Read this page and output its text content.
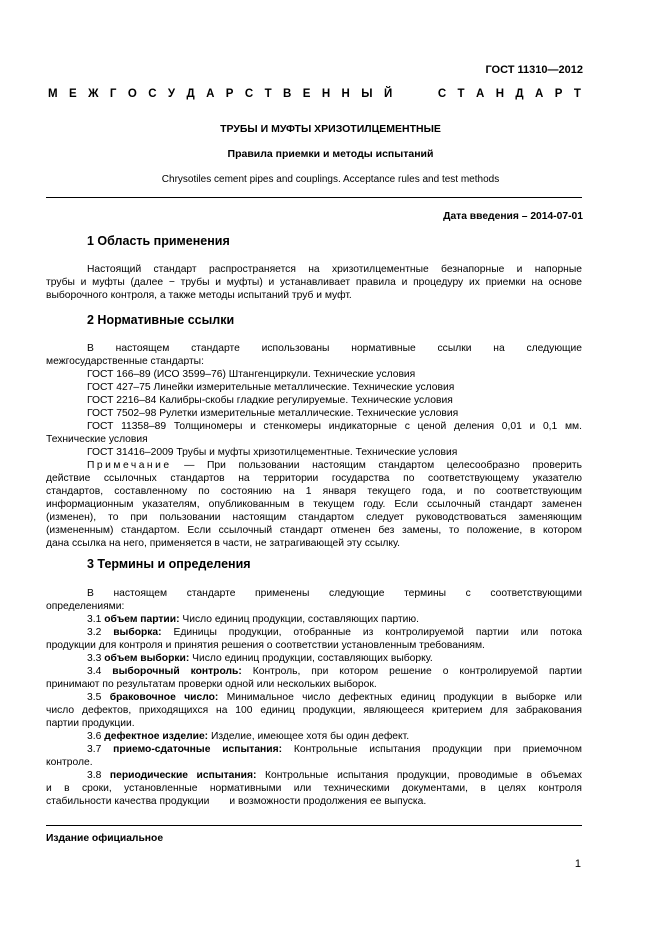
ГОСТ 11310—2012
М Е Ж Г О С У Д А Р С Т В Е Н Н Ы Й	С Т А Н Д А Р Т
ТРУБЫ И МУФТЫ ХРИЗОТИЛЦЕМЕНТНЫЕ
Правила приемки и методы испытаний
Chrysotiles cement pipes and couplings. Acceptance rules and test methods
Дата введения – 2014-07-01
1 Область применения
Настоящий стандарт распространяется на хризотилцементные безнапорные и напорные
трубы и муфты (далее − трубы и муфты) и устанавливает правила и процедуру их приемки на основе
выборочного контроля, а также методы испытаний труб и муфт.
2 Нормативные ссылки
В настоящем стандарте использованы нормативные ссылки на следующие
межгосударственные стандарты:
ГОСТ 166–89 (ИСО 3599–76) Штангенциркули. Технические условия
ГОСТ 427–75 Линейки измерительные металлические. Технические условия
ГОСТ 2216–84 Калибры-скобы гладкие регулируемые. Технические условия
ГОСТ 7502–98 Рулетки измерительные металлические. Технические условия
ГОСТ 11358–89 Толщиномеры и стенкомеры индикаторные с ценой деления 0,01 и 0,1 мм.
Технические условия
ГОСТ 31416–2009 Трубы и муфты хризотилцементные. Технические условия
Примечание — При пользовании настоящим стандартом целесообразно проверить
действие ссылочных стандартов на территории государства по соответствующему указателю
стандартов, составленному по состоянию на 1 января текущего года, и по соответствующим
информационным указателям, опубликованным в текущем году. Если ссылочный стандарт заменен
(изменен), то при пользовании настоящим стандартом следует руководствоваться заменяющим
(измененным) стандартом. Если ссылочный стандарт отменен без замены, то положение, в котором
дана ссылка на него, применяется в части, не затрагивающей эту ссылку.
3 Термины и определения
В настоящем стандарте применены следующие термины с соответствующими
определениями:
3.1 объем партии: Число единиц продукции, составляющих партию.
3.2 выборка: Единицы продукции, отобранные из контролируемой партии или потока
продукции для контроля и принятия решения о соответствии установленным требованиям.
3.3 объем выборки: Число единиц продукции, составляющих выборку.
3.4 выборочный контроль: Контроль, при котором решение о контролируемой партии
принимают по результатам проверки одной или нескольких выборок.
3.5 браковочное число: Минимальное число дефектных единиц продукции в выборке или
число дефектов, приходящихся на 100 единиц продукции, являющееся критерием для забракования
партии продукции.
3.6 дефектное изделие: Изделие, имеющее хотя бы один дефект.
3.7 приемо-сдаточные испытания: Контрольные испытания продукции при приемочном
контроле.
3.8 периодические испытания: Контрольные испытания продукции, проводимые в объемах
и в сроки, установленные нормативными или техническими документами, в целях контроля
стабильности качества продукции       и возможности продолжения ее выпуска.
Издание официальное
1
